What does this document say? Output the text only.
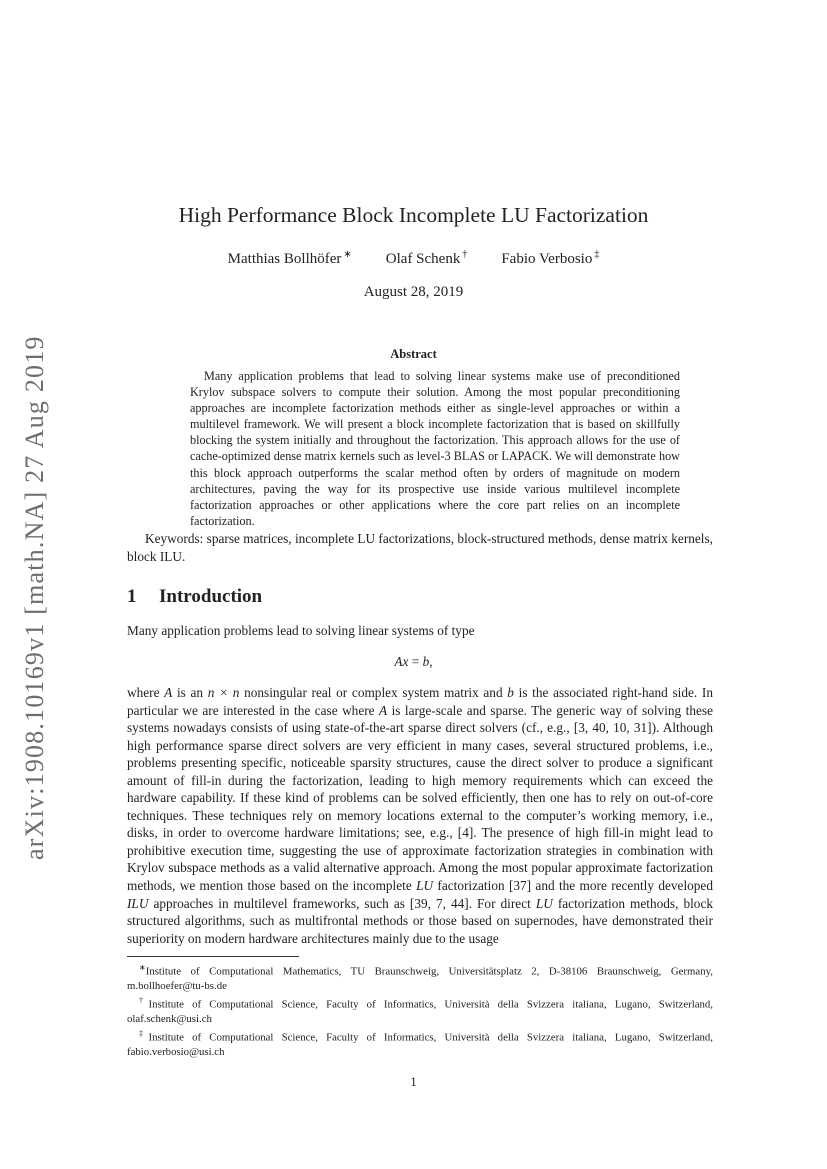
arXiv:1908.10169v1 [math.NA] 27 Aug 2019
High Performance Block Incomplete LU Factorization
Matthias Bollhöfer ∗ Olaf Schenk † Fabio Verbosio ‡
August 28, 2019
Abstract
Many application problems that lead to solving linear systems make use of preconditioned Krylov subspace solvers to compute their solution. Among the most popular preconditioning approaches are incomplete factorization methods either as single-level approaches or within a multilevel framework. We will present a block incomplete factorization that is based on skillfully blocking the system initially and throughout the factorization. This approach allows for the use of cache-optimized dense matrix kernels such as level-3 BLAS or LAPACK. We will demonstrate how this block approach outperforms the scalar method often by orders of magnitude on modern architectures, paving the way for its prospective use inside various multilevel incomplete factorization approaches or other applications where the core part relies on an incomplete factorization.
Keywords: sparse matrices, incomplete LU factorizations, block-structured methods, dense matrix kernels, block ILU.
1 Introduction
Many application problems lead to solving linear systems of type
Ax = b,
where A is an n × n nonsingular real or complex system matrix and b is the associated right-hand side. In particular we are interested in the case where A is large-scale and sparse. The generic way of solving these systems nowadays consists of using state-of-the-art sparse direct solvers (cf., e.g., [3, 40, 10, 31]). Although high performance sparse direct solvers are very efficient in many cases, several structured problems, i.e., problems presenting specific, noticeable sparsity structures, cause the direct solver to produce a significant amount of fill-in during the factorization, leading to high memory requirements which can exceed the hardware capability. If these kind of problems can be solved efficiently, then one has to rely on out-of-core techniques. These techniques rely on memory locations external to the computer’s working memory, i.e., disks, in order to overcome hardware limitations; see, e.g., [4]. The presence of high fill-in might lead to prohibitive execution time, suggesting the use of approximate factorization strategies in combination with Krylov subspace methods as a valid alternative approach. Among the most popular approximate factorization methods, we mention those based on the incomplete LU factorization [37] and the more recently developed ILU approaches in multilevel frameworks, such as [39, 7, 44]. For direct LU factorization methods, block structured algorithms, such as multifrontal methods or those based on supernodes, have demonstrated their superiority on modern hardware architectures mainly due to the usage

∗Institute of Computational Mathematics, TU Braunschweig, Universitätsplatz 2, D-38106 Braunschweig, Germany, m.bollhoefer@tu-bs.de

†Institute of Computational Science, Faculty of Informatics, Università della Svizzera italiana, Lugano, Switzerland, olaf.schenk@usi.ch

‡Institute of Computational Science, Faculty of Informatics, Università della Svizzera italiana, Lugano, Switzerland, fabio.verbosio@usi.ch

1
